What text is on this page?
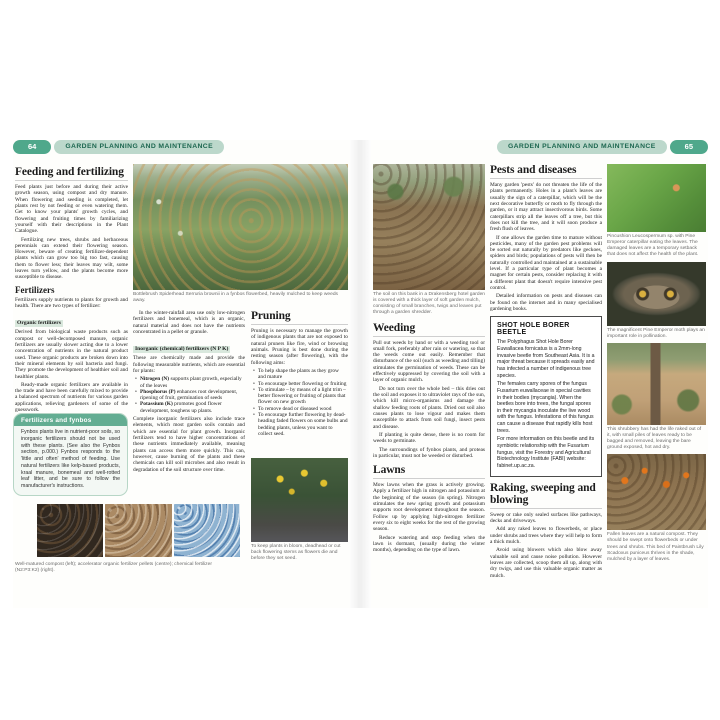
64	GARDEN PLANNING AND MAINTENANCE
Feeding and fertilizing

Feed plants just before and during their active growth season, using compost and dry manure. When flowering and seeding is completed, let plants rest by not feeding or even watering them. Get to know your plants' growth cycles, and flowering and fruiting times by familiarizing yourself with their descriptions in the Plant Catalogue.

Fertilizing new trees, shrubs and herbaceous perennials can extend their flowering season. However, beware of creating fertilizer-dependent plants which can grow too big too fast, causing them to flower less; their leaves may wilt, some leaves turn yellow, and the plants become more susceptible to disease.

Fertilizers

Fertilizers supply nutrients to plants for growth and health. There are two types of fertilizer:

Organic fertilizers

Derived from biological waste products such as compost or well-decomposed manure, organic fertilizers are usually slower acting due to a lower concentration of nutrients in the natural product used. These organic products are broken down into their mineral elements by soil bacteria and fungi. They promote the development of healthier soil and healthier plants.

Ready-made organic fertilizers are available in the trade and have been carefully mixed to provide a balanced spectrum of nutrients for various garden applications, relieving gardeners of some of the guesswork.

Fertilizers and fynbos
Fynbos plants live in nutrient-poor soils, so inorganic fertilizers should not be used with these plants. (See also the Fynbos section, p.000.) Fynbos responds to the 'little and often' method of feeding. Use natural fertilizers like kelp-based products, kraal manure, bonemeal and well-rotted leaf litter, and be sure to follow the manufacturer's instructions.
Well-matured compost (left); accelerator organic fertilizer pellets (centre); chemical fertilizer (N2:P3:K2) (right).
Bottlebrush Spiderhead Serruria brownii in a fynbos flowerbed, heavily mulched to keep weeds away.

In the winter-rainfall area use only low-nitrogen fertilizers and bonemeal, which is an organic, natural material and does not have the nutrients concentrated in a pellet or granule.

Inorganic (chemical) fertilizers (N P K)

These are chemically made and provide the following measurable nutrients, which are essential for plants:

• Nitrogen (N) supports plant growth, especially of the leaves
• Phosphorus (P) enhances root development, ripening of fruit, germination of seeds
• Potassium (K) promotes good flower development, toughens up plants.

Complete inorganic fertilizers also include trace elements, which most garden soils contain and which are essential for plant growth. Inorganic fertilizers tend to have higher concentrations of these nutrients immediately available, meaning plants can access them more quickly. This can, however, cause burning of the plants and these chemicals can kill soil microbes and also result in degradation of the soil structure over time.

Pruning

Pruning is necessary to manage the growth of indigenous plants that are not exposed to natural pruners like fire, wind or browsing animals. Pruning is best done during the resting season (after flowering), with the following aims:

• To help shape the plants as they grow and mature
• To encourage better flowering or fruiting
• To stimulate – by means of a light trim – better flowering or fruiting of plants that flower on new growth
• To remove dead or diseased wood
• To encourage further flowering by dead-heading faded flowers on some bulbs and bedding plants, unless you want to collect seed.
To keep plants in bloom, deadhead or cut back flowering stems as flowers die and before they set seed.
GARDEN PLANNING AND MAINTENANCE	65
The soil on this bank in a Drakensberg hotel garden is covered with a thick layer of soft garden mulch, consisting of small branches, twigs and leaves put through a garden shredder.
Weeding

Pull out weeds by hand or with a weeding tool or small fork, preferably after rain or watering, so that the weeds come out easily. Remember that disturbance of the soil (such as weeding and tilling) stimulates the germination of weeds. These can be effectively suppressed by covering the soil with a layer of organic mulch.

Do not turn over the whole bed – this dries out the soil and exposes it to ultraviolet rays of the sun, which kill micro-organisms and damage the shallow feeding roots of plants. Dried out soil also causes plants to lose vigour and makes them susceptible to attack from soil fungi, insect pests and disease.

If planting is quite dense, there is no room for weeds to germinate.

The surroundings of fynbos plants, and proteas in particular, must not be weeded or disturbed.

Lawns

Mow lawns when the grass is actively growing. Apply a fertilizer high in nitrogen and potassium at the beginning of the season (in spring). Nitrogen stimulates the new spring growth and potassium supports root development throughout the season. Follow up by applying high-nitrogen fertilizer every six to eight weeks for the rest of the growing season.

Reduce watering and stop feeding when the lawn is dormant, (usually during the winter months), depending on the type of lawn.

Pests and diseases

Many garden 'pests' do not threaten the life of the plants permanently. Holes in a plant's leaves are usually the sign of a caterpillar, which will be the next decorative butterfly or moth to fly through the garden, or it may attract insectivorous birds. Some caterpillars strip all the leaves off a tree, but this does not kill the tree, and it will soon produce a fresh flush of leaves.

If one allows the garden time to mature without pesticides, many of the garden pest problems will be sorted out naturally by predators like geckoes, spiders and birds; populations of pests will then be naturally controlled and maintained at a sustainable level. If a particular type of plant becomes a magnet for certain pests, consider replacing it with a different plant that doesn't require intensive pest control.

Detailed information on pests and diseases can be found on the internet and in many specialised gardening books.

SHOT HOLE BORER BEETLE

The Polyphagus Shot Hole Borer Euwallacea fornicatus is a 2mm-long invasive beetle from Southeast Asia. It is a major threat because it spreads easily and has infected a number of indigenous tree species.

The females carry spores of the fungus Fusarium euwallaceae in special cavities in their bodies (mycangia). When the beetles bore into trees, the fungal spores in their mycangia inoculate the live wood with the fungus. Infestations of this fungus can cause a disease that rapidly kills host trees.

For more information on this beetle and its symbiotic relationship with the Fusarium fungus, visit the Forestry and Agricultural Biotechnology Institute (FABI) website: fabinet.up.ac.za.

Raking, sweeping and blowing

Sweep or rake only sealed surfaces like pathways, decks and driveways.

Add any raked leaves to flowerbeds, or place under shrubs and trees where they will help to form a thick mulch.

Avoid using blowers which also blow away valuable soil and cause noise pollution. However leaves are collected, scoop them all up, along with dry twigs, and use this valuable organic matter as mulch.

Pincushion Leucospermum sp. with Pine Emperor caterpillar eating the leaves. The damaged leaves are a temporary setback that does not affect the health of the plant.
The magnificent Pine Emperor moth plays an important role in pollination.
This shrubbery has had the life raked out of it, with small piles of leaves ready to be bagged and removed, leaving the bare ground exposed, hot and dry.
Fallen leaves are a natural compost. They should be swept onto flowerbeds or under trees and shrubs. This bed of Paintbrush Lily Scadoxus puniceus thrives in the shade, mulched by a layer of leaves.
